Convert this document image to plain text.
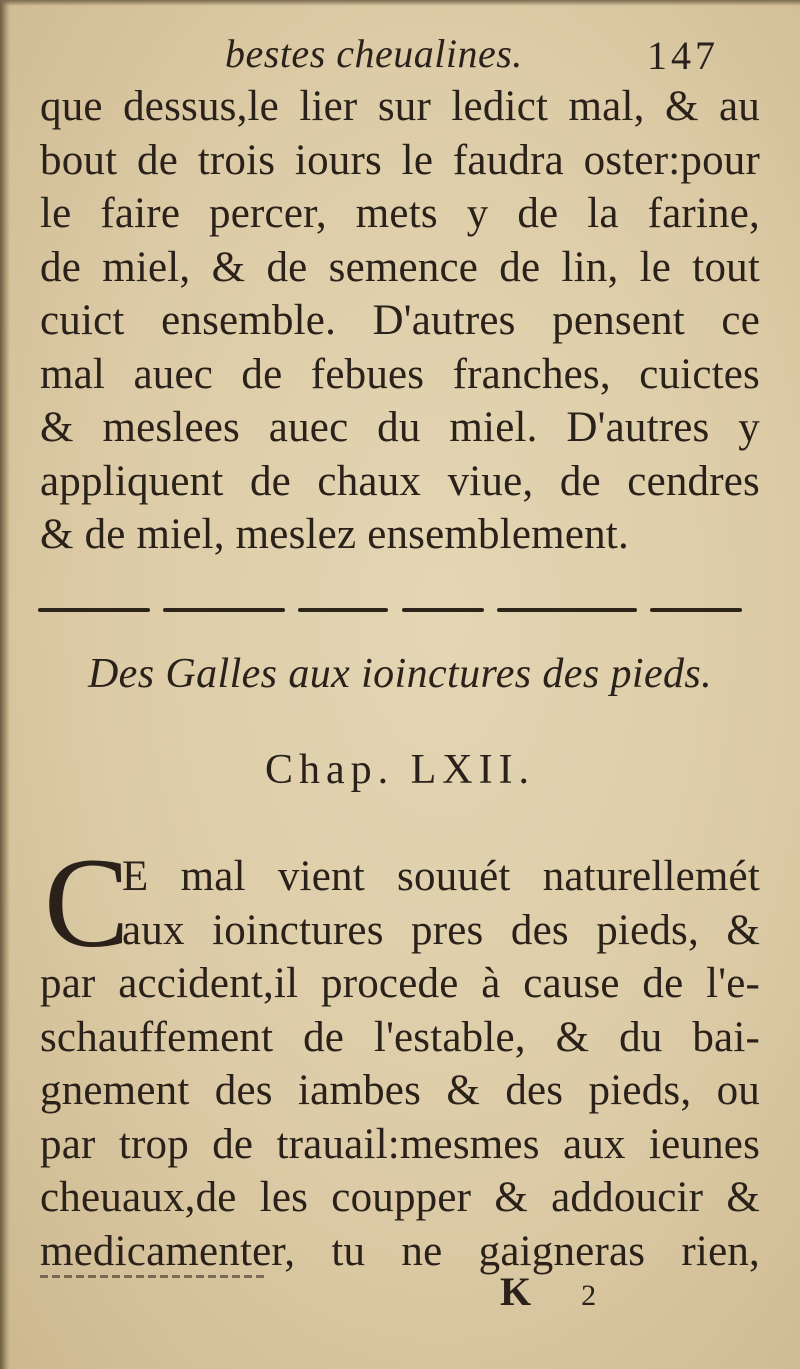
bestes cheualines.	147
que dessus,le lier sur ledict mal, & au
bout de trois iours le faudra oster:pour
le faire percer, mets y de la farine,
de miel, & de semence de lin, le tout
cuict ensemble. D'autres pensent ce
mal auec de febues franches, cuictes
& meslees auec du miel. D'autres y
appliquent de chaux viue, de cendres
& de miel, meslez ensemblement.
Des Galles aux ioinctures des pieds.
Chap. LXII.
C
E mal vient souuét naturellemét
aux ioinctures pres des pieds, &
par accident,il procede à cause de l'e-
schauffement de l'estable, & du bai-
gnement des iambes & des pieds, ou
par trop de trauail:mesmes aux ieunes
cheuaux,de les coupper & addoucir &
medicamenter, tu ne gaigneras rien,
K 2
